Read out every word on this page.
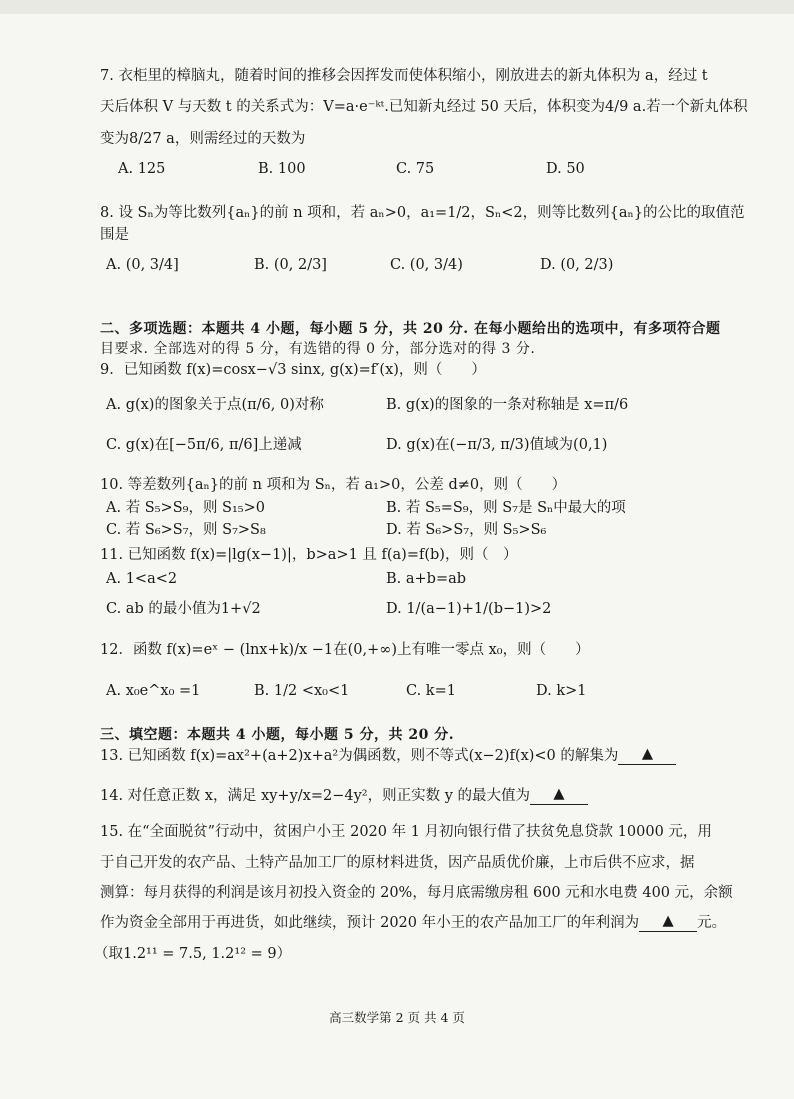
7. 衣柜里的樟脑丸，随着时间的推移会因挥发而使体积缩小，刚放进去的新丸体积为 a，经过 t
天后体积 V 与天数 t 的关系式为：V=a·e⁻ᵏᵗ.已知新丸经过 50 天后，体积变为4/9 a.若一个新丸体积
变为8/27 a，则需经过的天数为
A. 125	B. 100	C. 75	D. 50
8. 设 Sₙ为等比数列{aₙ}的前 n 项和，若 aₙ>0，a₁=1/2，Sₙ<2，则等比数列{aₙ}的公比的取值范
围是
A. (0, 3/4]	B. (0, 2/3]	C. (0, 3/4)	D. (0, 2/3)
二、多项选题：本题共 4 小题，每小题 5 分，共 20 分. 在每小题给出的选项中，有多项符合题
目要求. 全部选对的得 5 分，有选错的得 0 分，部分选对的得 3 分.
9．已知函数 f(x)=cosx−√3 sinx, g(x)=f′(x)，则（　　）
A. g(x)的图象关于点(π/6, 0)对称	B. g(x)的图象的一条对称轴是 x=π/6
C. g(x)在[−5π/6, π/6]上递减	D. g(x)在(−π/3, π/3)值域为(0,1)
10. 等差数列{aₙ}的前 n 项和为 Sₙ，若 a₁>0，公差 d≠0，则（　　）
A. 若 S₅>S₉，则 S₁₅>0	B. 若 S₅=S₉，则 S₇是 Sₙ中最大的项
C. 若 S₆>S₇，则 S₇>S₈	D. 若 S₆>S₇，则 S₅>S₆
11. 已知函数 f(x)=|lg(x−1)|，b>a>1 且 f(a)=f(b)，则（　）
A. 1<a<2	B. a+b=ab
C. ab 的最小值为1+√2	D. 1/(a−1)+1/(b−1)>2
12．函数 f(x)=eˣ − (lnx+k)/x −1在(0,+∞)上有唯一零点 x₀，则（　　）
A. x₀e^x₀ =1	B. 1/2 <x₀<1	C. k=1	D. k>1
三、填空题：本题共 4 小题，每小题 5 分，共 20 分.
13. 已知函数 f(x)=ax²+(a+2)x+a²为偶函数，则不等式(x−2)f(x)<0 的解集为 ▲
14. 对任意正数 x，满足 xy+y/x=2−4y²，则正实数 y 的最大值为 ▲
15. 在“全面脱贫”行动中，贫困户小王 2020 年 1 月初向银行借了扶贫免息贷款 10000 元，用
于自己开发的农产品、土特产品加工厂的原材料进货，因产品质优价廉，上市后供不应求，据
测算：每月获得的利润是该月初投入资金的 20%，每月底需缴房租 600 元和水电费 400 元，余额
作为资金全部用于再进货，如此继续，预计 2020 年小王的农产品加工厂的年利润为 ▲ 元。
（取1.2¹¹ = 7.5, 1.2¹² = 9）
高三数学第 2 页 共 4 页
